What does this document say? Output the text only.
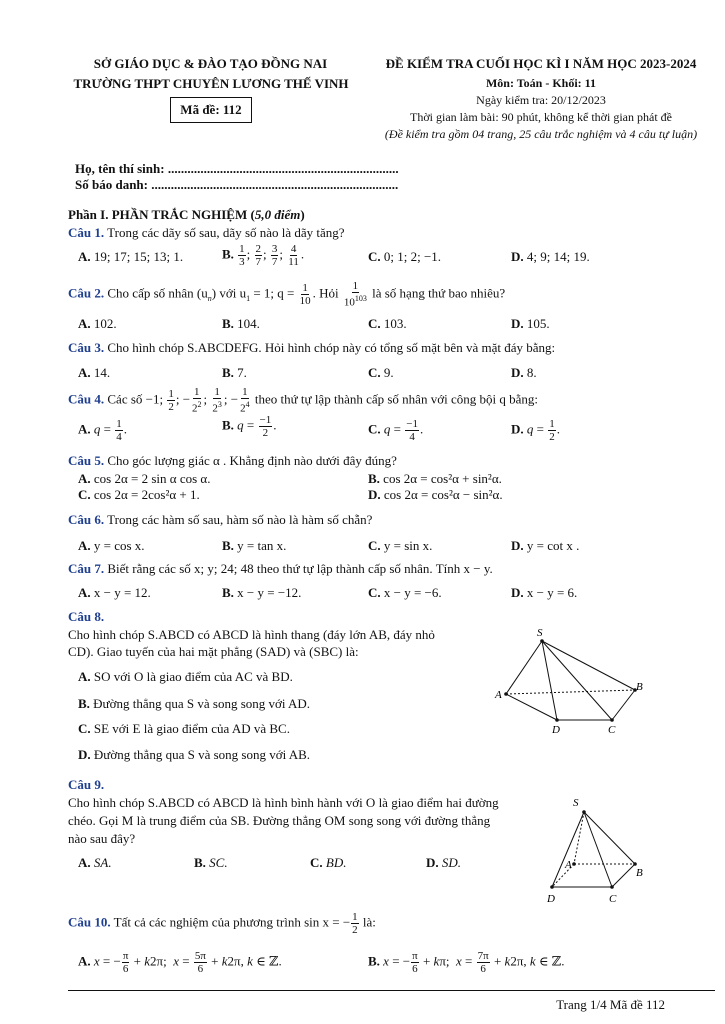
SỞ GIÁO DỤC & ĐÀO TẠO ĐỒNG NAI
TRƯỜNG THPT CHUYÊN LƯƠNG THẾ VINH
Mã đề: 112
ĐỀ KIỂM TRA CUỐI HỌC KÌ I NĂM HỌC 2023-2024
Môn: Toán - Khối: 11
Ngày kiểm tra: 20/12/2023
Thời gian làm bài: 90 phút, không kể thời gian phát đề
(Đề kiểm tra gồm 04 trang, 25 câu trắc nghiệm và 4 câu tự luận)
Họ, tên thí sinh: .......................................................................
Số báo danh: ............................................................................
Phần I. PHẦN TRẮC NGHIỆM (5,0 điểm)
Câu 1. Trong các dãy số sau, dãy số nào là dãy tăng?
A. 19; 17; 15; 13; 1.	B. $\frac{1}{3}$ ; $\frac{2}{7}$ ; $\frac{3}{7}$ ; $\frac{4}{11}$ .	C. 0; 1; 2; −1.	D. 4; 9; 14; 19.
Câu 2. Cho cấp số nhân $(u_n)$ với $u_1 = 1$; $q = \frac{1}{10}$ . Hỏi $\frac{1}{10^{103}}$ là số hạng thứ bao nhiêu?
A. 102.	B. 104.	C. 103.	D. 105.
Câu 3. Cho hình chóp S.ABCDEFG. Hỏi hình chóp này có tổng số mặt bên và mặt đáy bằng:
A. 14.	B. 7.	C. 9.	D. 8.
Câu 4. Các số −1; $\frac{1}{2}$ ; − $\frac{1}{2^2}$ ; $\frac{1}{2^3}$ ; − $\frac{1}{2^4}$ theo thứ tự lập thành cấp số nhân với công bội q bằng:
A. $q = \frac{1}{4}$ .	B. $q = \frac{-1}{2}$ .	C. $q = \frac{-1}{4}$ .	D. $q = \frac{1}{2}$ .
Câu 5. Cho góc lượng giác α . Khẳng định nào dưới đây đúng?
A. cos 2α = 2 sin α cos α.	B. cos 2α = cos²α + sin²α.
C. cos 2α = 2cos²α + 1.	D. cos 2α = cos²α − sin²α.
Câu 6. Trong các hàm số sau, hàm số nào là hàm số chẵn?
A. y = cos x.	B. y = tan x.	C. y = sin x.	D. y = cot x .
Câu 7. Biết rằng các số x; y; 24; 48 theo thứ tự lập thành cấp số nhân. Tính x − y.
A. x − y = 12.	B. x − y = −12.	C. x − y = −6.	D. x − y = 6.
Câu 8.
Cho hình chóp S.ABCD có ABCD là hình thang (đáy lớn AB, đáy nhỏ
CD). Giao tuyến của hai mặt phẳng (SAD) và (SBC) là:
A. SO với O là giao điểm của AC và BD.
B. Đường thẳng qua S và song song với AD.
C. SE với E là giao điểm của AD và BC.
D. Đường thẳng qua S và song song với AB.
S
A
B
D	C
Câu 9.
Cho hình chóp S.ABCD có ABCD là hình bình hành với O là giao điểm hai đường
chéo. Gọi M là trung điểm của SB. Đường thẳng OM song song với đường thẳng
nào sau đây?
A. SA.	B. SC.	C. BD.	D. SD.
S
A
B
D	C
Câu 10. Tất cả các nghiệm của phương trình sin x = − $\frac{1}{2}$ là:
A. x = − $\frac{\pi}{6} + k2\pi$;  $x = \frac{5\pi}{6} + k2\pi$, k ∈ ℤ.	B. x = − $\frac{\pi}{6} + k\pi$;  $x = \frac{7\pi}{6} + k2\pi$, k ∈ ℤ.
Trang 1/4 Mã đề 112
